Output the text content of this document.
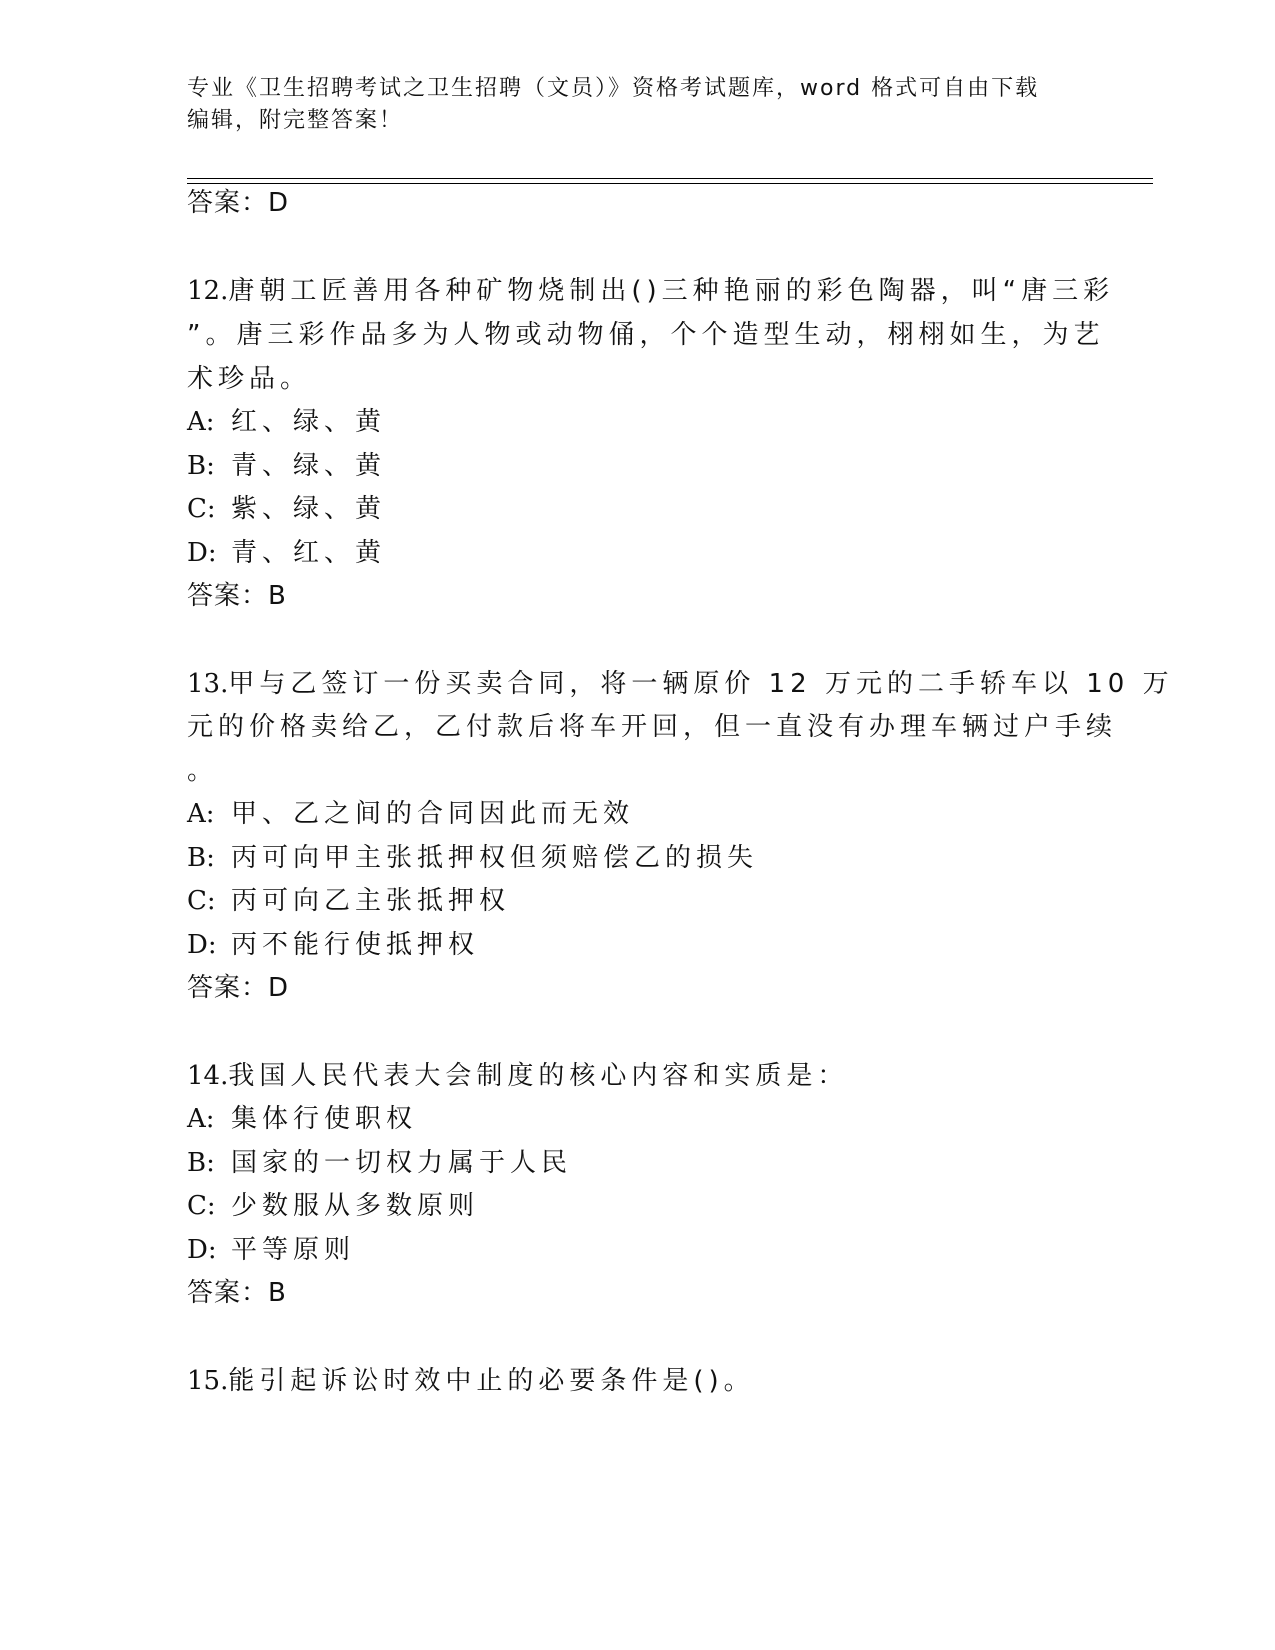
专业《卫生招聘考试之卫生招聘（文员）》资格考试题库，word 格式可自由下载
编辑，附完整答案！
答案：D
12.唐朝工匠善用各种矿物烧制出()三种艳丽的彩色陶器，叫“唐三彩
”。唐三彩作品多为人物或动物俑，个个造型生动，栩栩如生，为艺
术珍品。
A: 红、绿、黄
B: 青、绿、黄
C: 紫、绿、黄
D: 青、红、黄
答案：B
13.甲与乙签订一份买卖合同，将一辆原价 12 万元的二手轿车以 10 万
元的价格卖给乙，乙付款后将车开回，但一直没有办理车辆过户手续
。
A: 甲、乙之间的合同因此而无效
B: 丙可向甲主张抵押权但须赔偿乙的损失
C: 丙可向乙主张抵押权
D: 丙不能行使抵押权
答案：D
14.我国人民代表大会制度的核心内容和实质是：
A: 集体行使职权
B: 国家的一切权力属于人民
C: 少数服从多数原则
D: 平等原则
答案：B
15.能引起诉讼时效中止的必要条件是()。
